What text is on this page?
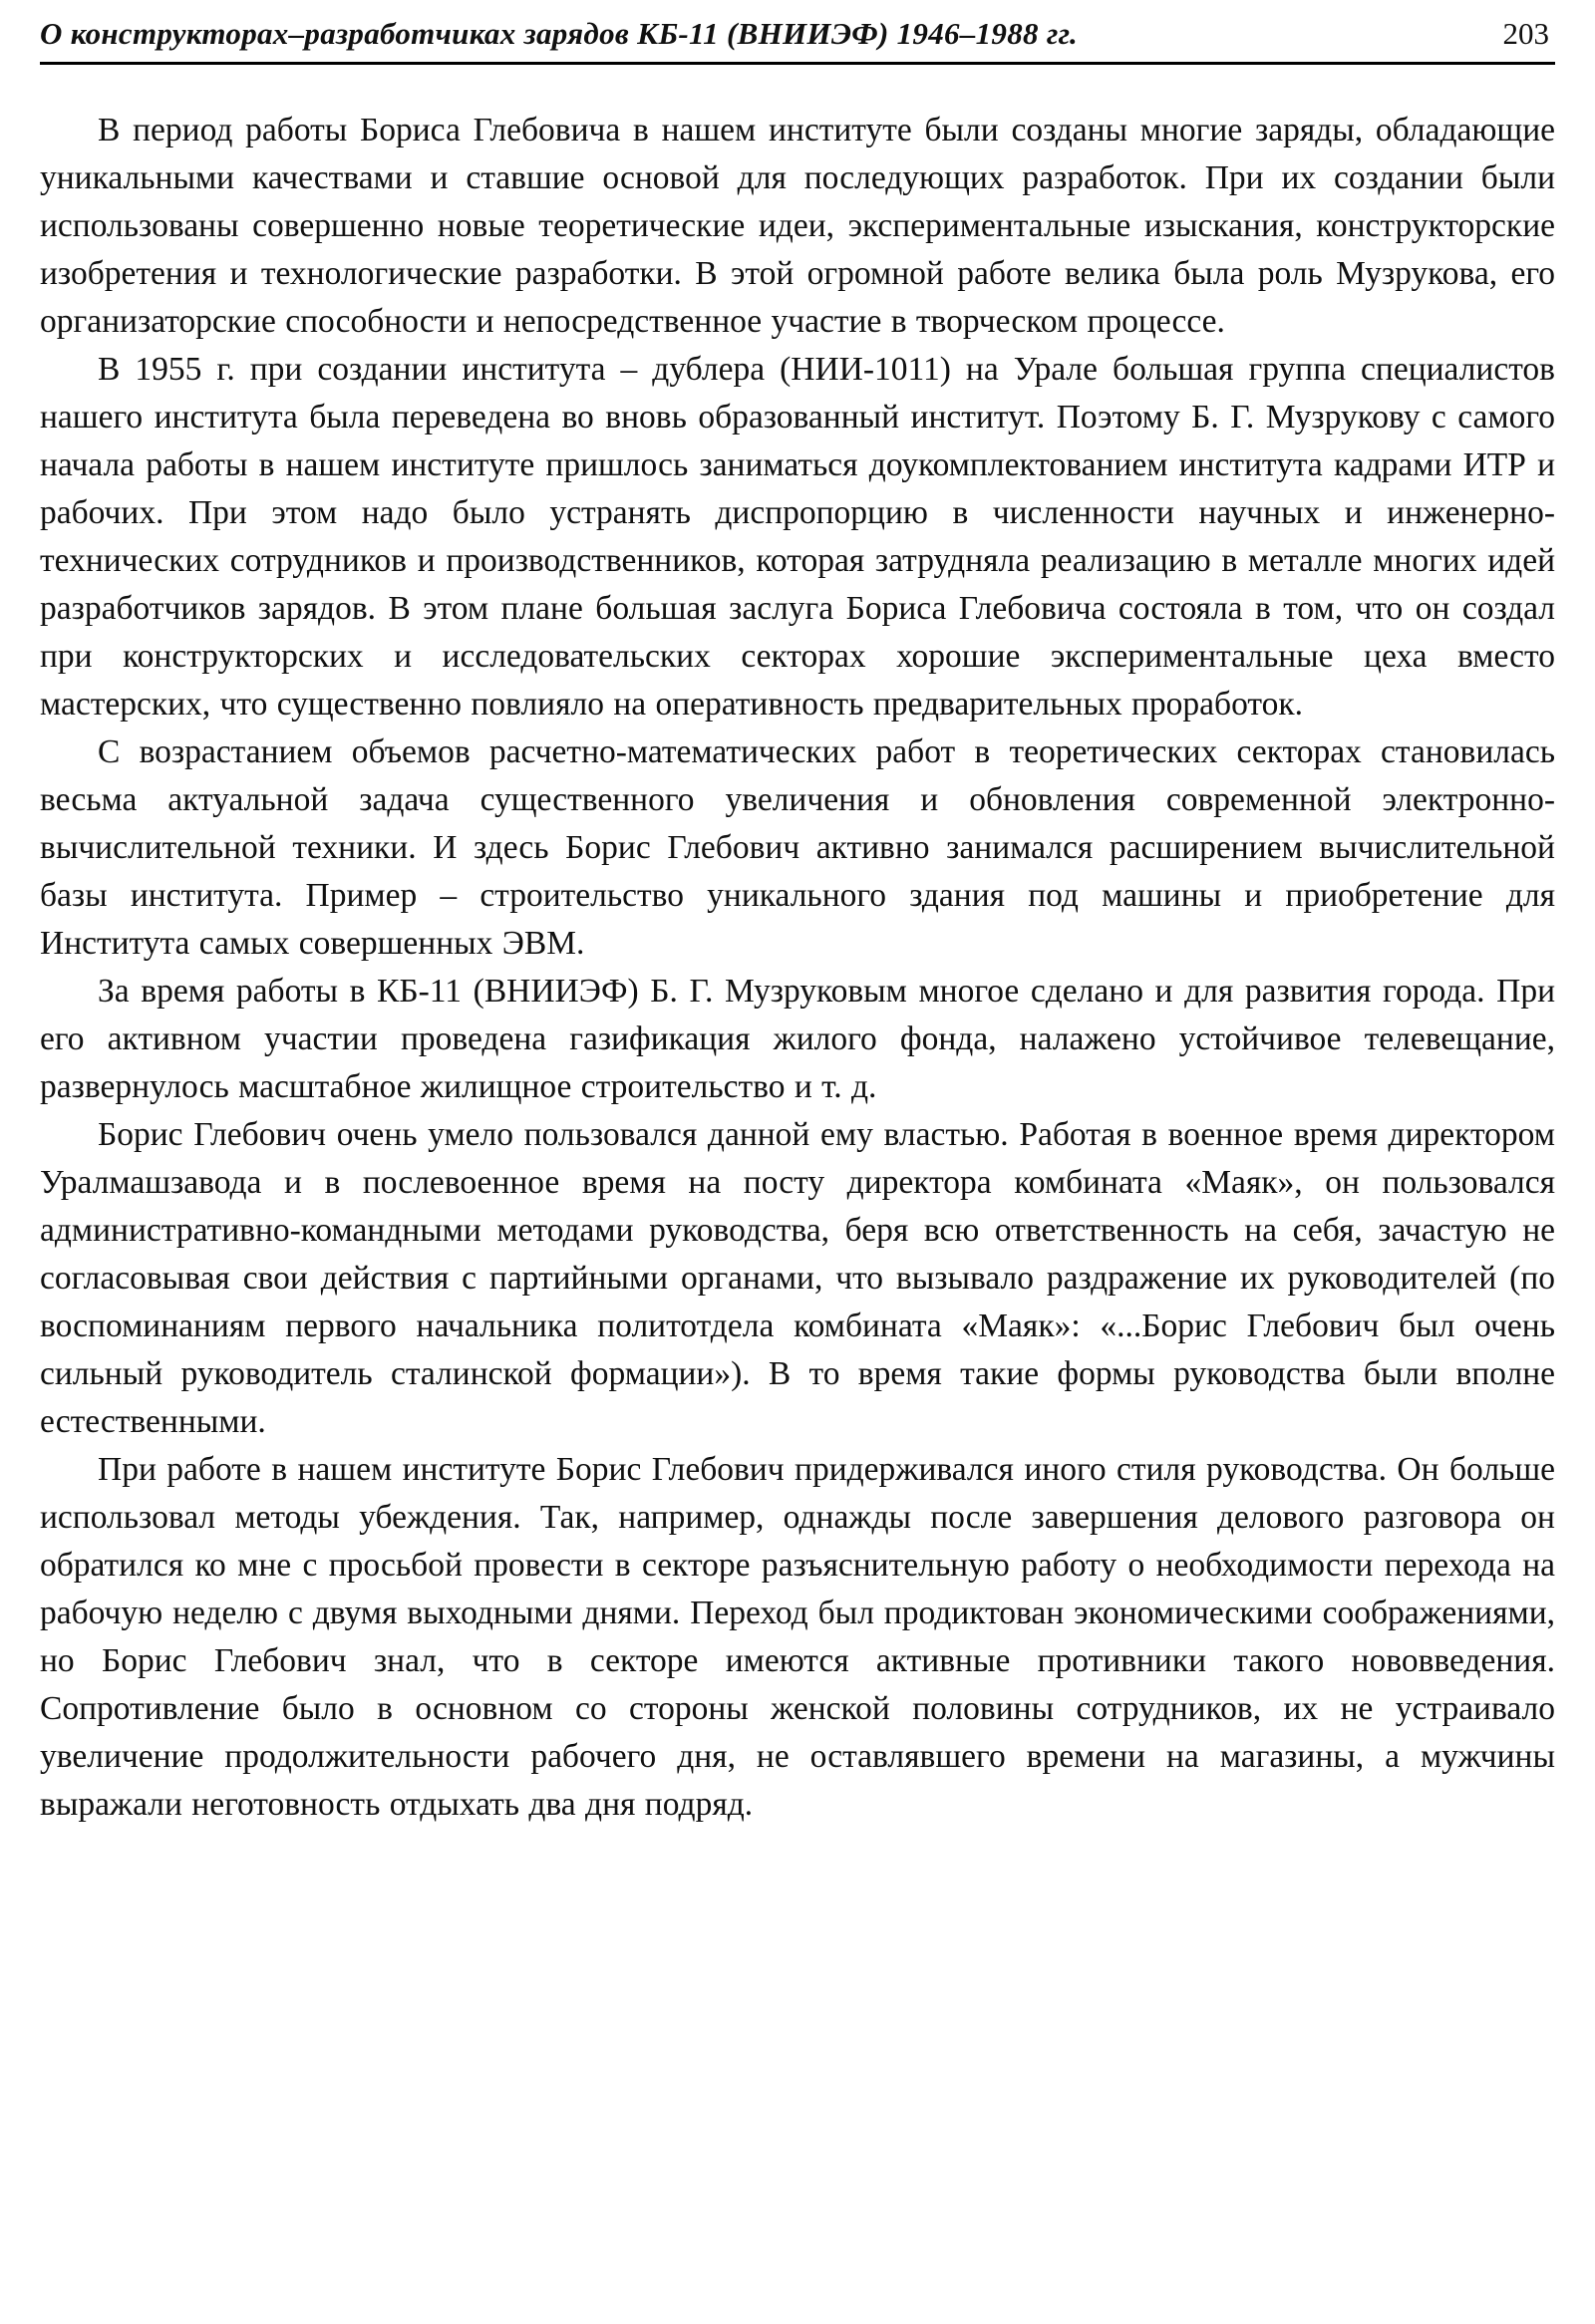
О конструкторах–разработчиках зарядов КБ-11 (ВНИИЭФ) 1946–1988 гг.	203

В период работы Бориса Глебовича в нашем институте были созданы многие заряды, обладающие уникальными качествами и ставшие основой для последующих разработок. При их создании были использованы совершенно новые теоретические идеи, экспериментальные изыскания, конструкторские изобретения и технологические разработки. В этой огромной работе велика была роль Музрукова, его организаторские способности и непосредственное участие в творческом процессе.

В 1955 г. при создании института – дублера (НИИ-1011) на Урале большая группа специалистов нашего института была переведена во вновь образованный институт. Поэтому Б. Г. Музрукову с самого начала работы в нашем институте пришлось заниматься доукомплектованием института кадрами ИТР и рабочих. При этом надо было устранять диспропорцию в численности научных и инженерно-технических сотрудников и производственников, которая затрудняла реализацию в металле многих идей разработчиков зарядов. В этом плане большая заслуга Бориса Глебовича состояла в том, что он создал при конструкторских и исследовательских секторах хорошие экспериментальные цеха вместо мастерских, что существенно повлияло на оперативность предварительных проработок.

С возрастанием объемов расчетно-математических работ в теоретических секторах становилась весьма актуальной задача существенного увеличения и обновления современной электронно-вычислительной техники. И здесь Борис Глебович активно занимался расширением вычислительной базы института. Пример – строительство уникального здания под машины и приобретение для Института самых совершенных ЭВМ.

За время работы в КБ-11 (ВНИИЭФ) Б. Г. Музруковым многое сделано и для развития города. При его активном участии проведена газификация жилого фонда, налажено устойчивое телевещание, развернулось масштабное жилищное строительство и т. д.

Борис Глебович очень умело пользовался данной ему властью. Работая в военное время директором Уралмашзавода и в послевоенное время на посту директора комбината «Маяк», он пользовался административно-командными методами руководства, беря всю ответственность на себя, зачастую не согласовывая свои действия с партийными органами, что вызывало раздражение их руководителей (по воспоминаниям первого начальника политотдела комбината «Маяк»: «...Борис Глебович был очень сильный руководитель сталинской формации»). В то время такие формы руководства были вполне естественными.

При работе в нашем институте Борис Глебович придерживался иного стиля руководства. Он больше использовал методы убеждения. Так, например, однажды после завершения делового разговора он обратился ко мне с просьбой провести в секторе разъяснительную работу о необходимости перехода на рабочую неделю с двумя выходными днями. Переход был продиктован экономическими соображениями, но Борис Глебович знал, что в секторе имеются активные противники такого нововведения. Сопротивление было в основном со стороны женской половины сотрудников, их не устраивало увеличение продолжительности рабочего дня, не оставлявшего времени на магазины, а мужчины выражали неготовность отдыхать два дня подряд.
